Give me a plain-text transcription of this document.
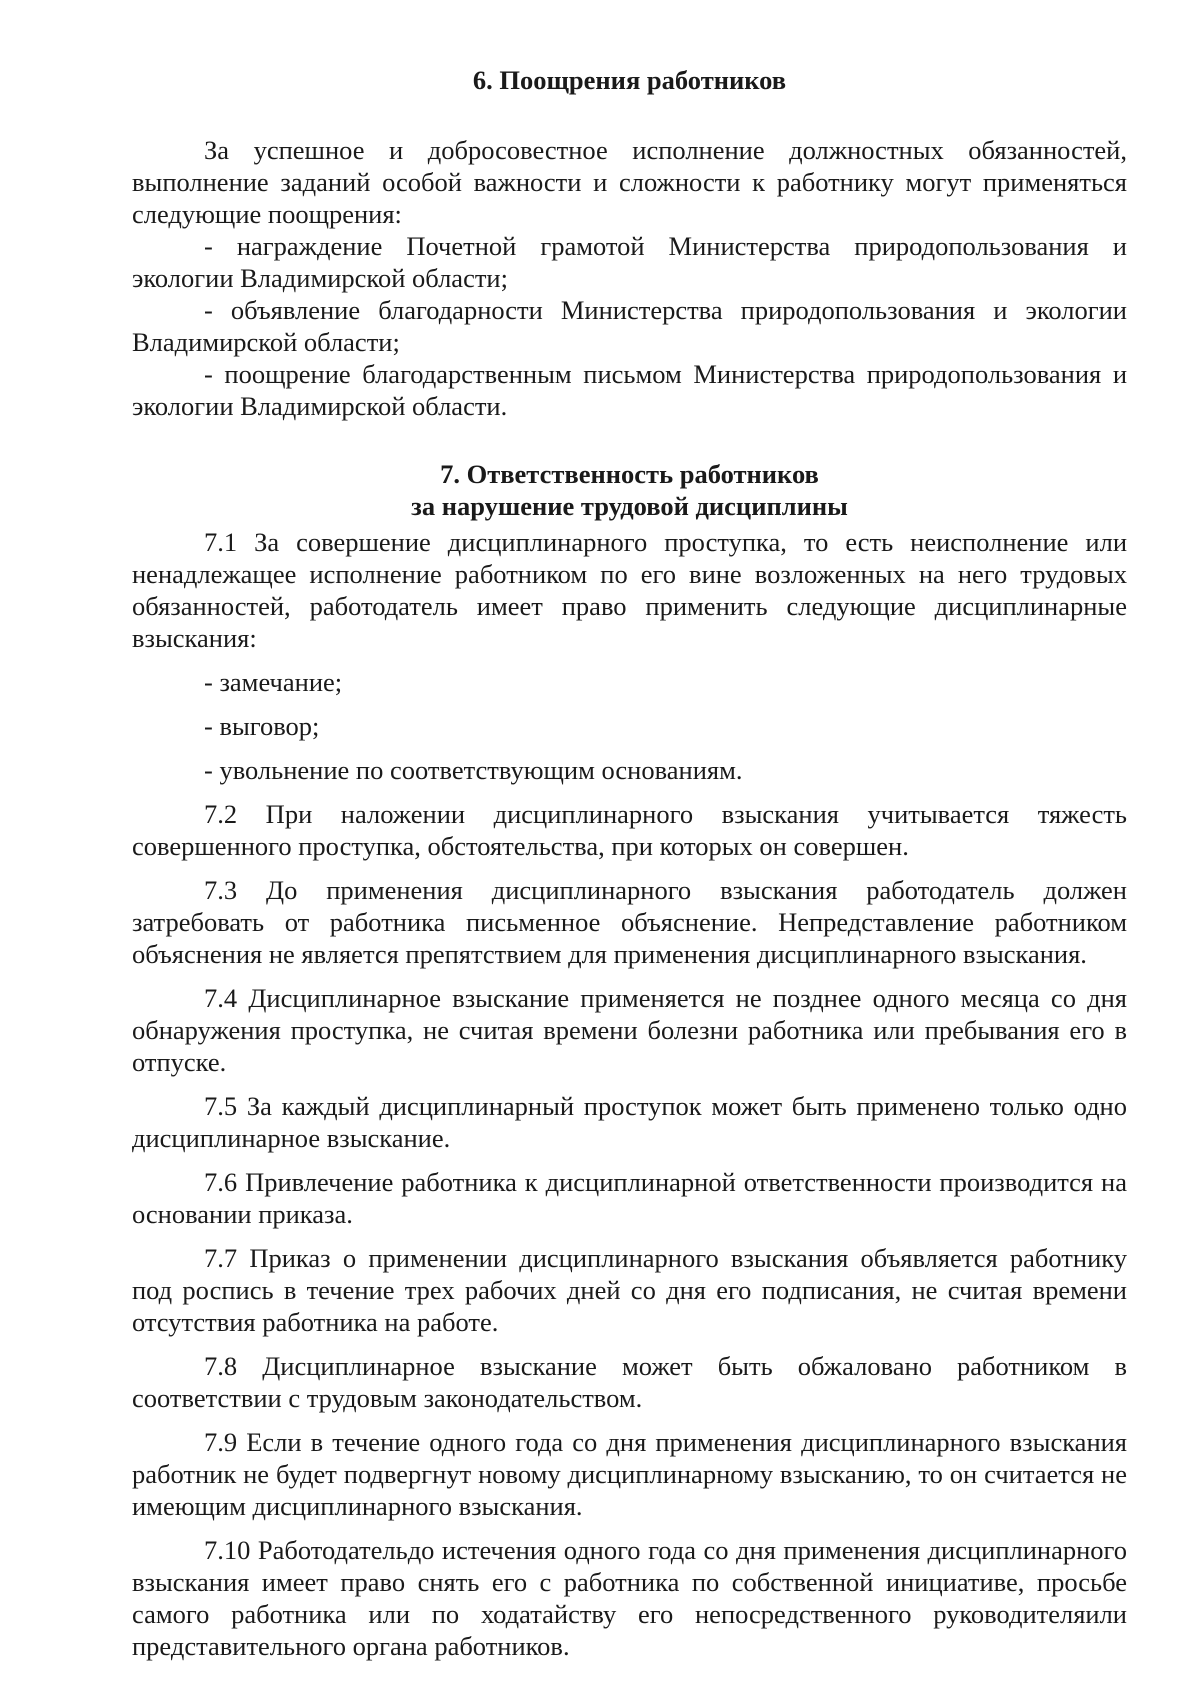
6. Поощрения работников

За успешное и добросовестное исполнение должностных обязанностей, выполнение заданий особой важности и сложности к работнику могут применяться следующие поощрения:

- награждение Почетной грамотой Министерства природопользования и экологии Владимирской области;

- объявление благодарности Министерства природопользования и экологии Владимирской области;

- поощрение благодарственным письмом Министерства природопользования и экологии Владимирской области.

7. Ответственность работников
за нарушение трудовой дисциплины

7.1 За совершение дисциплинарного проступка, то есть неисполнение или ненадлежащее исполнение работником по его вине возложенных на него трудовых обязанностей, работодатель имеет право применить следующие дисциплинарные взыскания:

- замечание;

- выговор;

- увольнение по соответствующим основаниям.

7.2 При наложении дисциплинарного взыскания учитывается тяжесть совершенного проступка, обстоятельства, при которых он совершен.

7.3 До применения дисциплинарного взыскания работодатель должен затребовать от работника письменное объяснение. Непредставление работником объяснения не является препятствием для применения дисциплинарного взыскания.

7.4 Дисциплинарное взыскание применяется не позднее одного месяца со дня обнаружения проступка, не считая времени болезни работника или пребывания его в отпуске.

7.5 За каждый дисциплинарный проступок может быть применено только одно дисциплинарное взыскание.

7.6 Привлечение работника к дисциплинарной ответственности производится на основании приказа.

7.7 Приказ о применении дисциплинарного взыскания объявляется работнику под роспись в течение трех рабочих дней со дня его подписания, не считая времени отсутствия работника на работе.

7.8 Дисциплинарное взыскание может быть обжаловано работником в соответствии с трудовым законодательством.

7.9 Если в течение одного года со дня применения дисциплинарного взыскания работник не будет подвергнут новому дисциплинарному взысканию, то он считается не имеющим дисциплинарного взыскания.

7.10 Работодательдо истечения одного года со дня применения дисциплинарного взыскания имеет право снять его с работника по собственной инициативе, просьбе самого работника или по ходатайству его непосредственного руководителяили представительного органа работников.
